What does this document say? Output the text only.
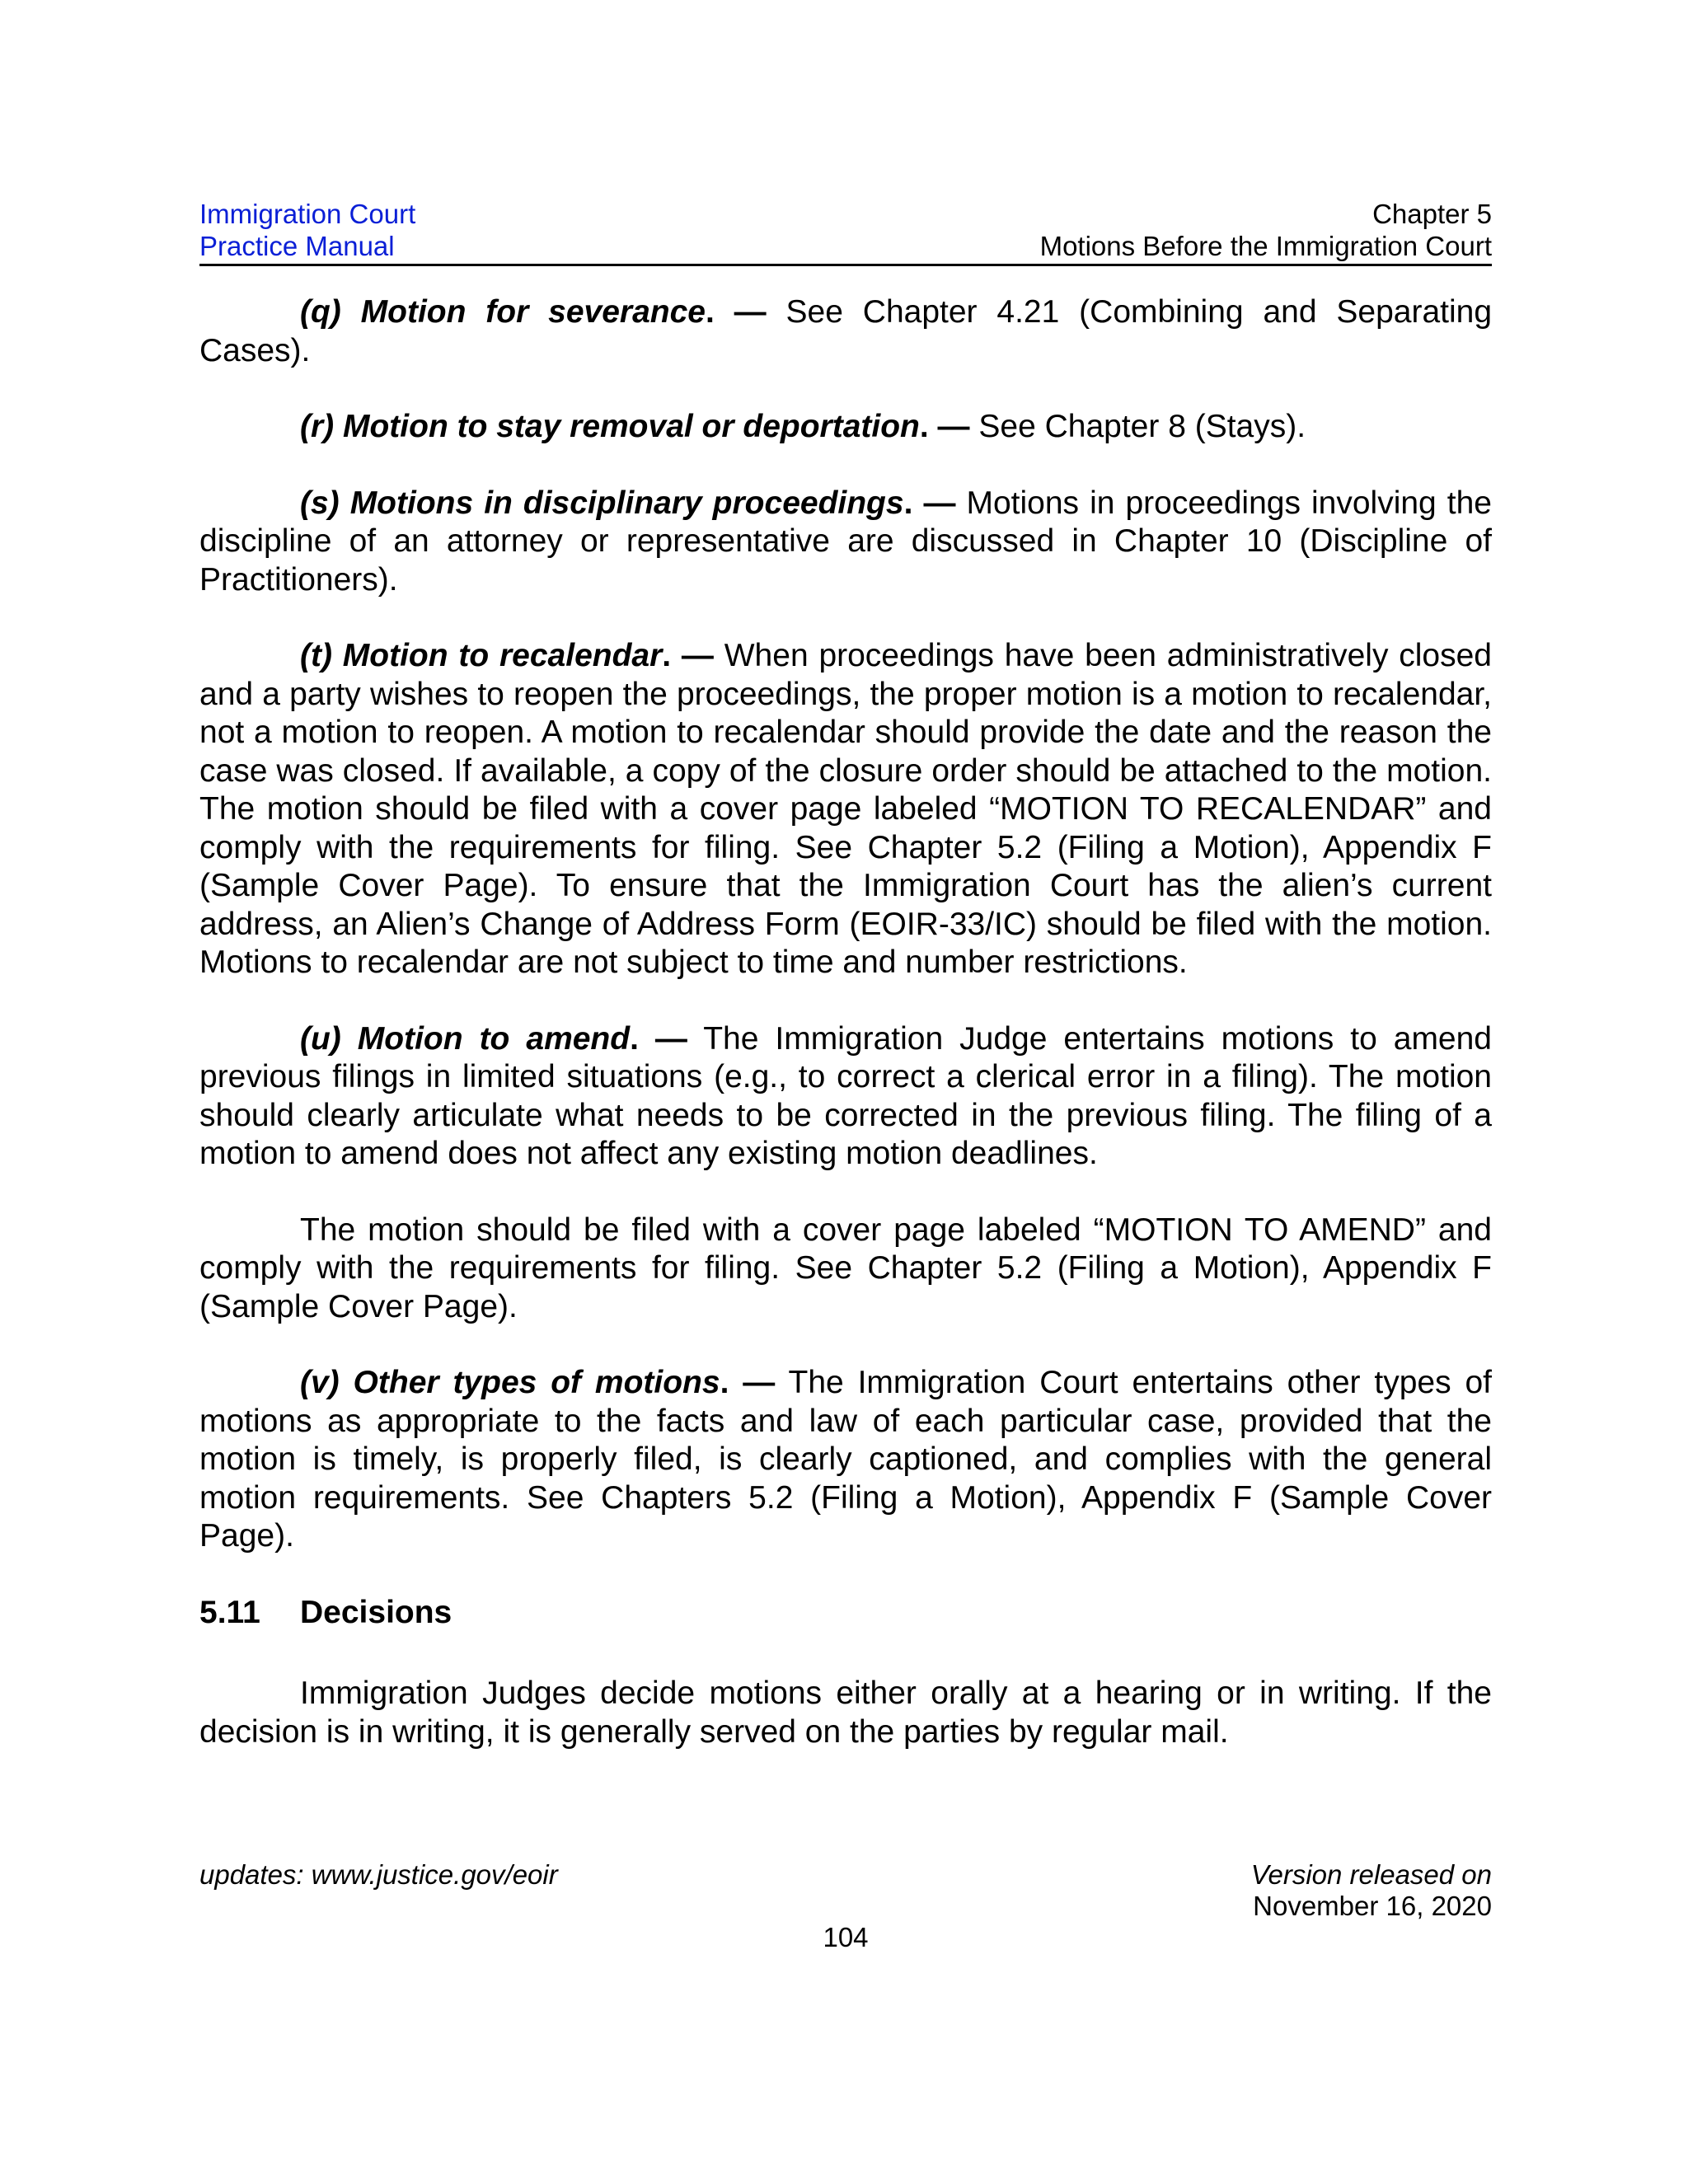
Immigration Court
Practice Manual
Chapter 5
Motions Before the Immigration Court

(q) Motion for severance. — See Chapter 4.21 (Combining and Separating Cases).

(r) Motion to stay removal or deportation. — See Chapter 8 (Stays).

(s) Motions in disciplinary proceedings. — Motions in proceedings involving the discipline of an attorney or representative are discussed in Chapter 10 (Discipline of Practitioners).

(t) Motion to recalendar. — When proceedings have been administratively closed and a party wishes to reopen the proceedings, the proper motion is a motion to recalendar, not a motion to reopen. A motion to recalendar should provide the date and the reason the case was closed. If available, a copy of the closure order should be attached to the motion. The motion should be filed with a cover page labeled “MOTION TO RECALENDAR” and comply with the requirements for filing. See Chapter 5.2 (Filing a Motion), Appendix F (Sample Cover Page). To ensure that the Immigration Court has the alien’s current address, an Alien’s Change of Address Form (EOIR-33/IC) should be filed with the motion. Motions to recalendar are not subject to time and number restrictions.

(u) Motion to amend. — The Immigration Judge entertains motions to amend previous filings in limited situations (e.g., to correct a clerical error in a filing). The motion should clearly articulate what needs to be corrected in the previous filing. The filing of a motion to amend does not affect any existing motion deadlines.

The motion should be filed with a cover page labeled “MOTION TO AMEND” and comply with the requirements for filing. See Chapter 5.2 (Filing a Motion), Appendix F (Sample Cover Page).

(v) Other types of motions. — The Immigration Court entertains other types of motions as appropriate to the facts and law of each particular case, provided that the motion is timely, is properly filed, is clearly captioned, and complies with the general motion requirements. See Chapters 5.2 (Filing a Motion), Appendix F (Sample Cover Page).

5.11	Decisions

Immigration Judges decide motions either orally at a hearing or in writing. If the decision is in writing, it is generally served on the parties by regular mail.

updates: www.justice.gov/eoir	Version released on
November 16, 2020
104
